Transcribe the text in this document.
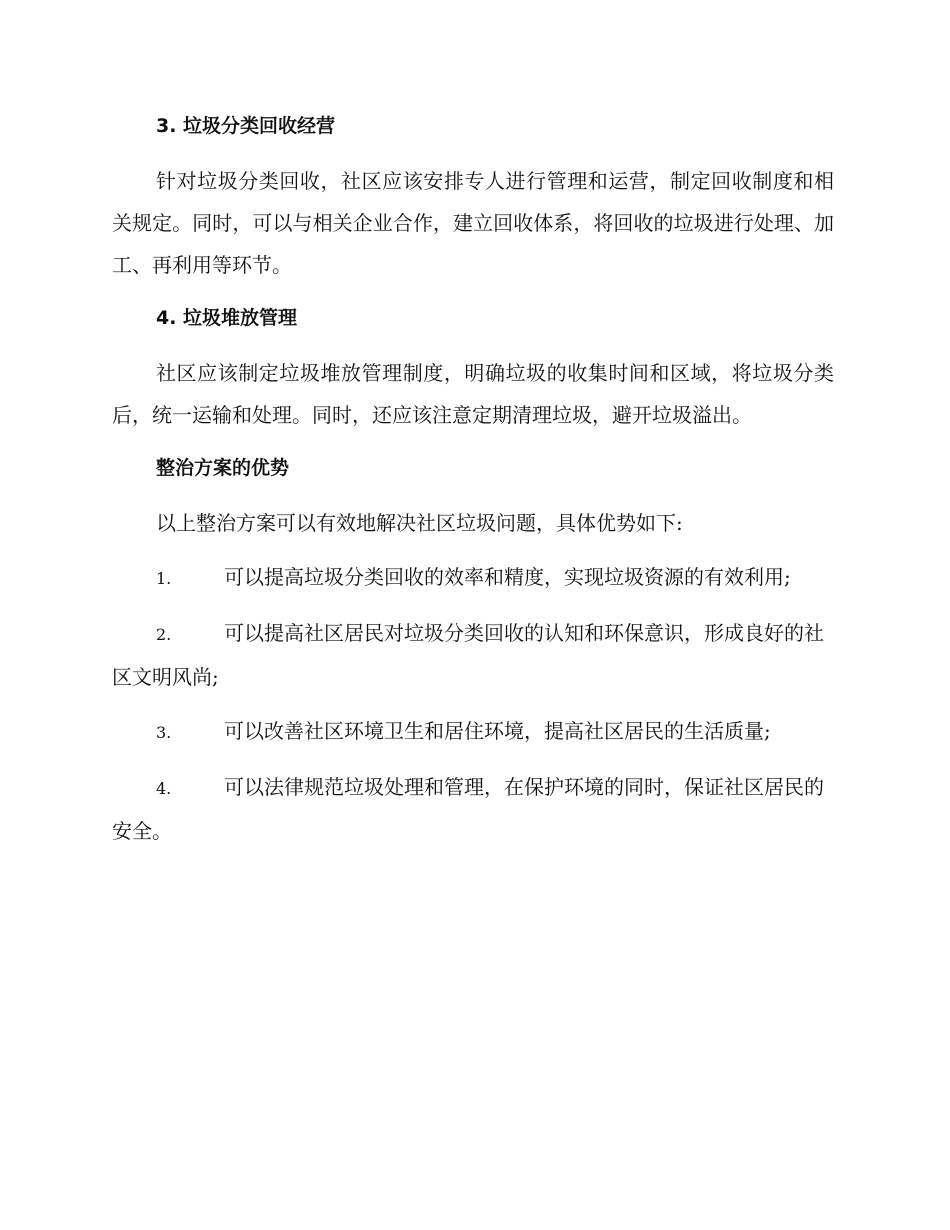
3. 垃圾分类回收经营

针对垃圾分类回收，社区应该安排专人进行管理和运营，制定回收制度和相关规定。同时，可以与相关企业合作，建立回收体系，将回收的垃圾进行处理、加工、再利用等环节。

4. 垃圾堆放管理

社区应该制定垃圾堆放管理制度，明确垃圾的收集时间和区域，将垃圾分类后，统一运输和处理。同时，还应该注意定期清理垃圾，避开垃圾溢出。

整治方案的优势

以上整治方案可以有效地解决社区垃圾问题，具体优势如下:

1.	可以提高垃圾分类回收的效率和精度，实现垃圾资源的有效利用;

2.	可以提高社区居民对垃圾分类回收的认知和环保意识，形成良好的社区文明风尚;

3.	可以改善社区环境卫生和居住环境，提高社区居民的生活质量;

4.	可以法律规范垃圾处理和管理，在保护环境的同时，保证社区居民的安全。
